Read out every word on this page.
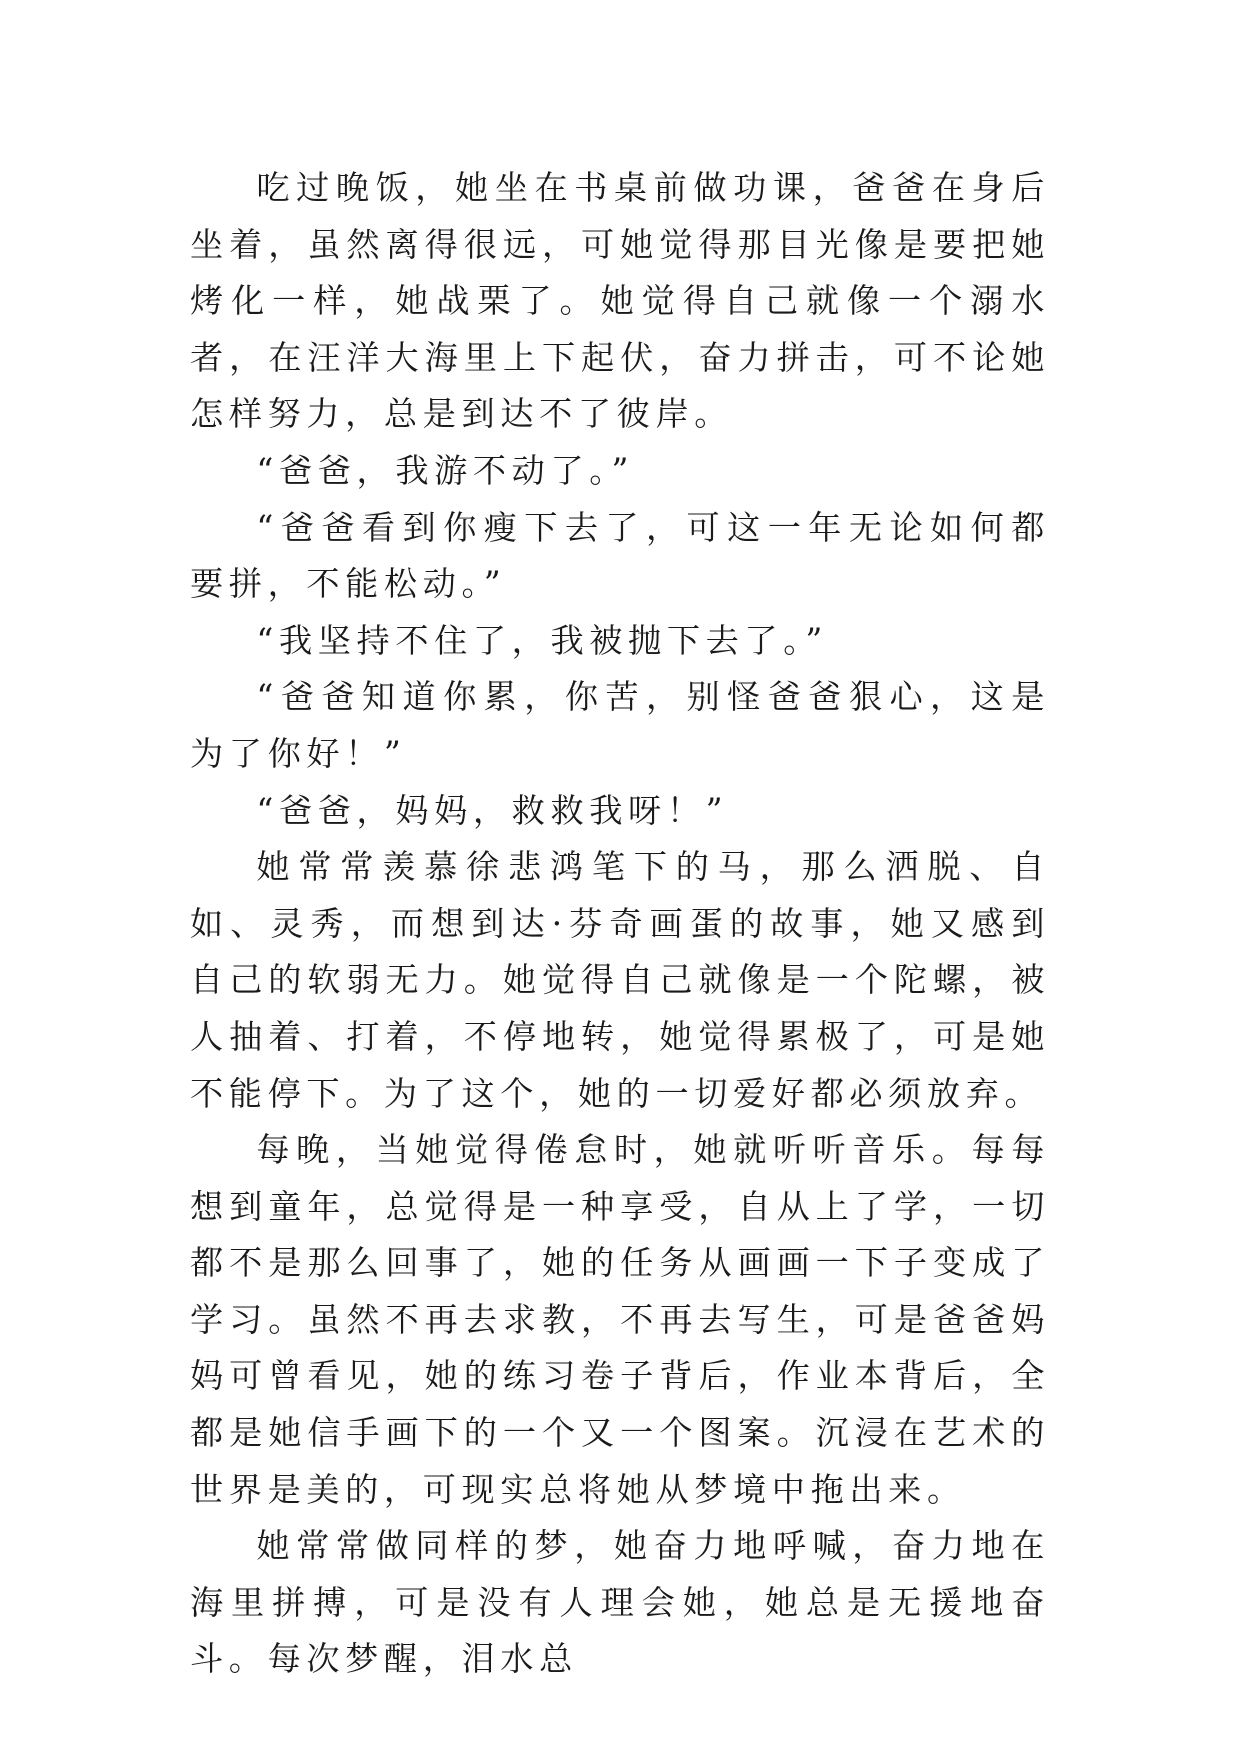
吃过晚饭，她坐在书桌前做功课，爸爸在身后坐着，虽然离得很远，可她觉得那目光像是要把她烤化一样，她战栗了。她觉得自己就像一个溺水者，在汪洋大海里上下起伏，奋力拼击，可不论她怎样努力，总是到达不了彼岸。

“爸爸，我游不动了。”

“爸爸看到你瘦下去了，可这一年无论如何都要拼，不能松动。”

“我坚持不住了，我被抛下去了。”

“爸爸知道你累，你苦，别怪爸爸狠心，这是为了你好！”

“爸爸，妈妈，救救我呀！”

她常常羡慕徐悲鸿笔下的马，那么洒脱、自如、灵秀，而想到达·芬奇画蛋的故事，她又感到自己的软弱无力。她觉得自己就像是一个陀螺，被人抽着、打着，不停地转，她觉得累极了，可是她不能停下。为了这个，她的一切爱好都必须放弃。

每晚，当她觉得倦怠时，她就听听音乐。每每想到童年，总觉得是一种享受，自从上了学，一切都不是那么回事了，她的任务从画画一下子变成了学习。虽然不再去求教，不再去写生，可是爸爸妈妈可曾看见，她的练习卷子背后，作业本背后，全都是她信手画下的一个又一个图案。沉浸在艺术的世界是美的，可现实总将她从梦境中拖出来。

她常常做同样的梦，她奋力地呼喊，奋力地在海里拼搏，可是没有人理会她，她总是无援地奋斗。每次梦醒，泪水总
